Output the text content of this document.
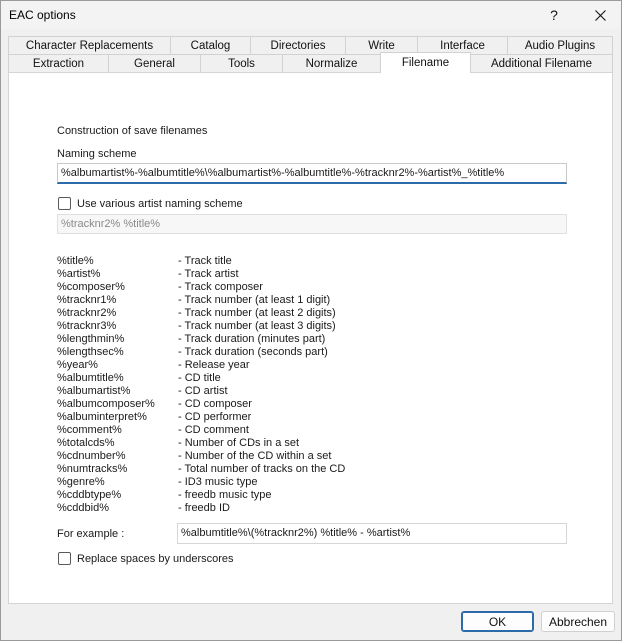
EAC options	?
Character Replacements	Catalog	Directories	Write	Interface	Audio Plugins
Extraction	General	Tools	Normalize	Filename	Additional Filename
Construction of save filenames
Naming scheme
%albumartist%-%albumtitle%\%albumartist%-%albumtitle%-%tracknr2%-%artist%_%title%
Use various artist naming scheme
%tracknr2% %title%
%title%	- Track title
%artist%	- Track artist
%composer%	- Track composer
%tracknr1%	- Track number (at least 1 digit)
%tracknr2%	- Track number (at least 2 digits)
%tracknr3%	- Track number (at least 3 digits)
%lengthmin%	- Track duration (minutes part)
%lengthsec%	- Track duration (seconds part)
%year%	- Release year
%albumtitle%	- CD title
%albumartist%	- CD artist
%albumcomposer% - CD composer
%albuminterpret%	- CD performer
%comment%	- CD comment
%totalcds%	- Number of CDs in a set
%cdnumber%	- Number of the CD within a set
%numtracks%	- Total number of tracks on the CD
%genre%	- ID3 music type
%cddbtype%	- freedb music type
%cddbid%	- freedb ID
For example :	%albumtitle%\(%tracknr2%) %title% - %artist%
Replace spaces by underscores
OK	Abbrechen
